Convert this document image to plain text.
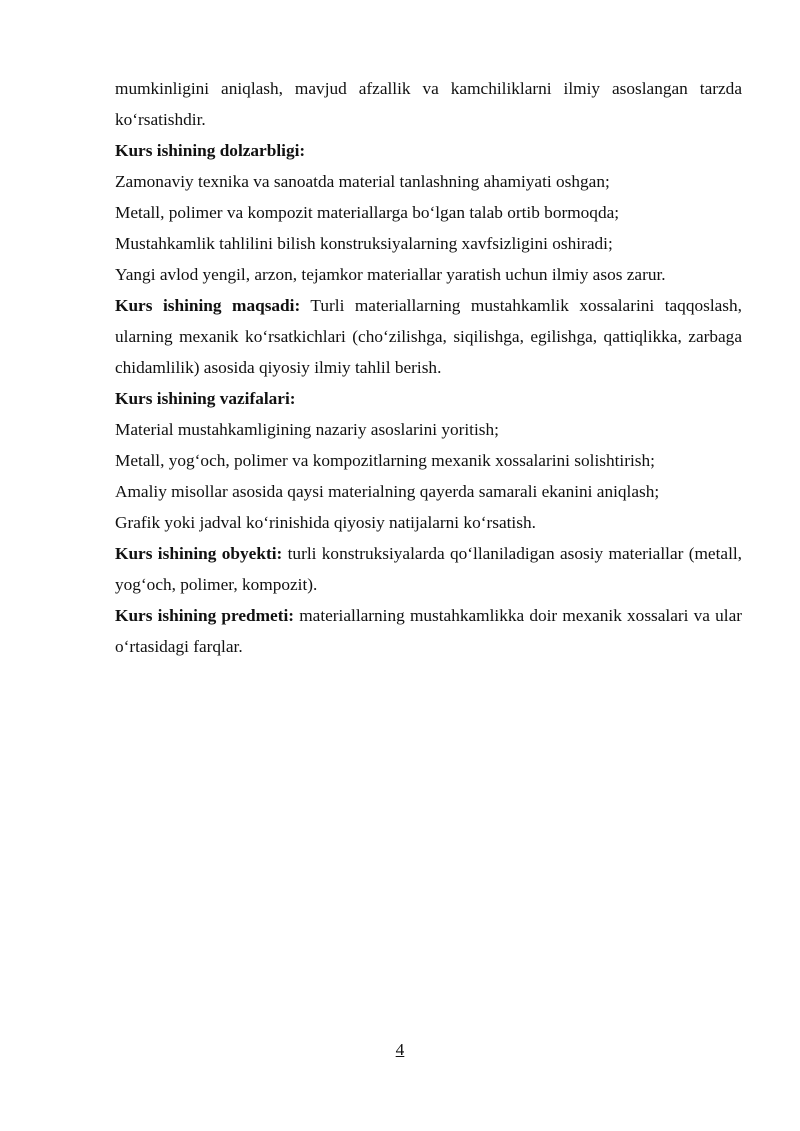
mumkinligini aniqlash, mavjud afzallik va kamchiliklarni ilmiy asoslangan tarzda ko‘rsatishdir.

Kurs ishining dolzarbligi:

Zamonaviy texnika va sanoatda material tanlashning ahamiyati oshgan;

Metall, polimer va kompozit materiallarga bo‘lgan talab ortib bormoqda;

Mustahkamlik tahlilini bilish konstruksiyalarning xavfsizligini oshiradi;

Yangi avlod yengil, arzon, tejamkor materiallar yaratish uchun ilmiy asos zarur.

Kurs ishining maqsadi: Turli materiallarning mustahkamlik xossalarini taqqoslash, ularning mexanik ko‘rsatkichlari (cho‘zilishga, siqilishga, egilishga, qattiqlikka, zarbaga chidamlilik) asosida qiyosiy ilmiy tahlil berish.

Kurs ishining vazifalari:

Material mustahkamligining nazariy asoslarini yoritish;

Metall, yog‘och, polimer va kompozitlarning mexanik xossalarini solishtirish;

Amaliy misollar asosida qaysi materialning qayerda samarali ekanini aniqlash;

Grafik yoki jadval ko‘rinishida qiyosiy natijalarni ko‘rsatish.

Kurs ishining obyekti: turli konstruksiyalarda qo‘llaniladigan asosiy materiallar (metall, yog‘och, polimer, kompozit).

Kurs ishining predmeti: materiallarning mustahkamlikka doir mexanik xossalari va ular o‘rtasidagi farqlar.

4
